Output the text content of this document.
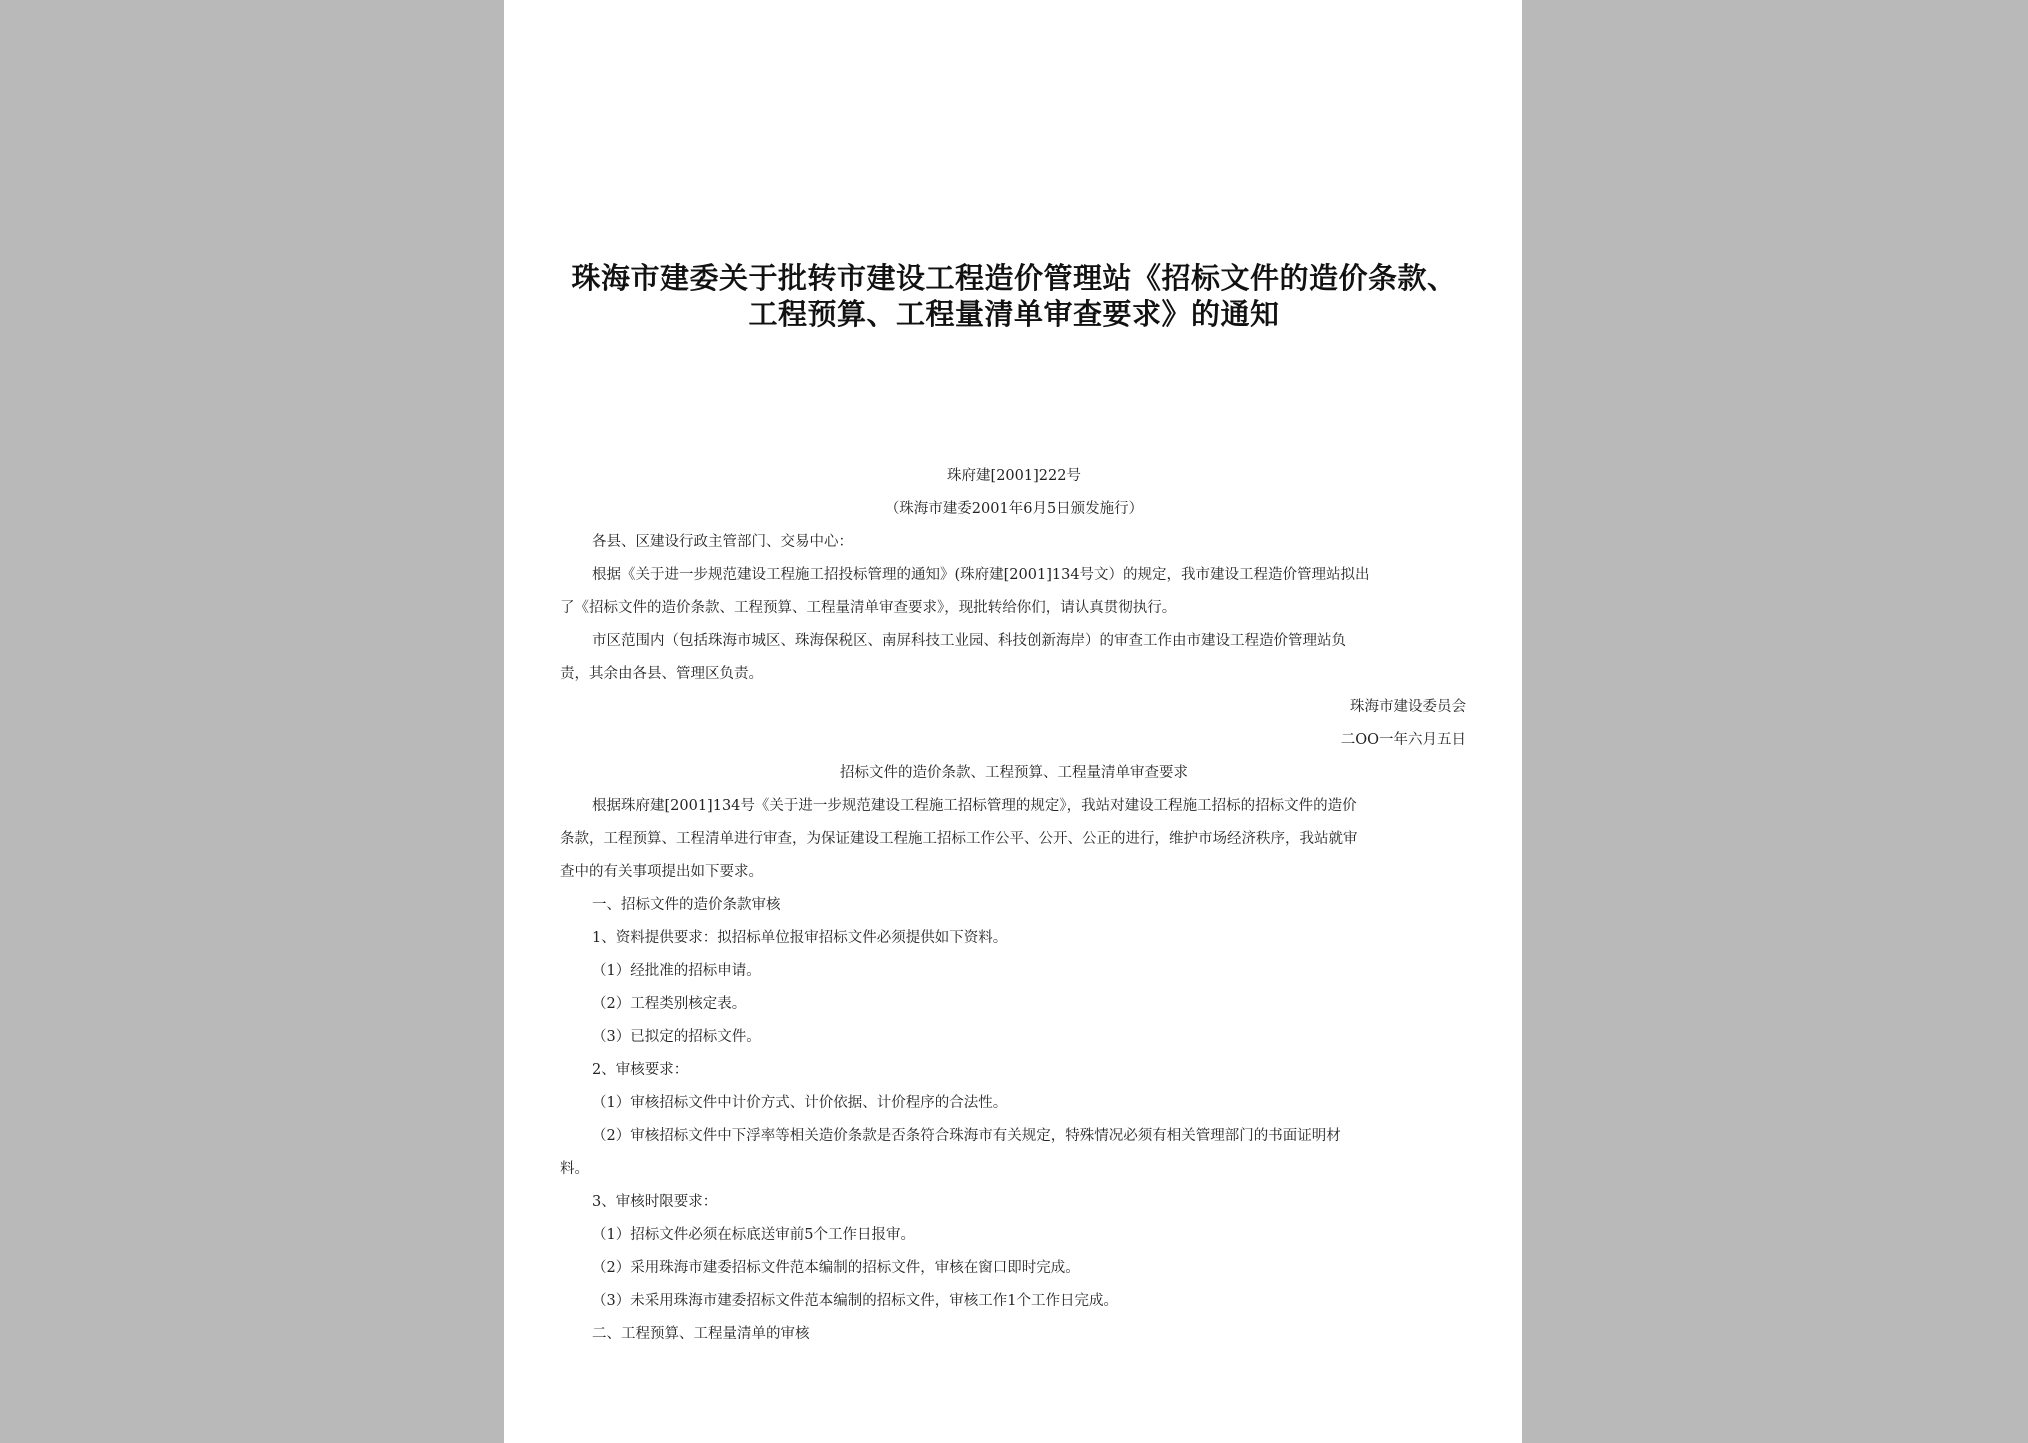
珠海市建委关于批转市建设工程造价管理站《招标文件的造价条款、工程预算、工程量清单审查要求》的通知
珠府建[2001]222号
（珠海市建委2001年6月5日颁发施行）
各县、区建设行政主管部门、交易中心：
根据《关于进一步规范建设工程施工招投标管理的通知》(珠府建[2001]134号文）的规定，我市建设工程造价管理站拟出
了《招标文件的造价条款、工程预算、工程量清单审查要求》，现批转给你们，请认真贯彻执行。
市区范围内（包括珠海市城区、珠海保税区、南屏科技工业园、科技创新海岸）的审查工作由市建设工程造价管理站负
责，其余由各县、管理区负责。
珠海市建设委员会
二OO一年六月五日
招标文件的造价条款、工程预算、工程量清单审查要求
根据珠府建[2001]134号《关于进一步规范建设工程施工招标管理的规定》，我站对建设工程施工招标的招标文件的造价
条款，工程预算、工程清单进行审查，为保证建设工程施工招标工作公平、公开、公正的进行，维护市场经济秩序，我站就审
查中的有关事项提出如下要求。
一、招标文件的造价条款审核
1、资料提供要求：拟招标单位报审招标文件必须提供如下资料。
（1）经批准的招标申请。
（2）工程类别核定表。
（3）已拟定的招标文件。
2、审核要求：
（1）审核招标文件中计价方式、计价依据、计价程序的合法性。
（2）审核招标文件中下浮率等相关造价条款是否条符合珠海市有关规定，特殊情况必须有相关管理部门的书面证明材
料。
3、审核时限要求：
（1）招标文件必须在标底送审前5个工作日报审。
（2）采用珠海市建委招标文件范本编制的招标文件，审核在窗口即时完成。
（3）未采用珠海市建委招标文件范本编制的招标文件，审核工作1个工作日完成。
二、工程预算、工程量清单的审核
